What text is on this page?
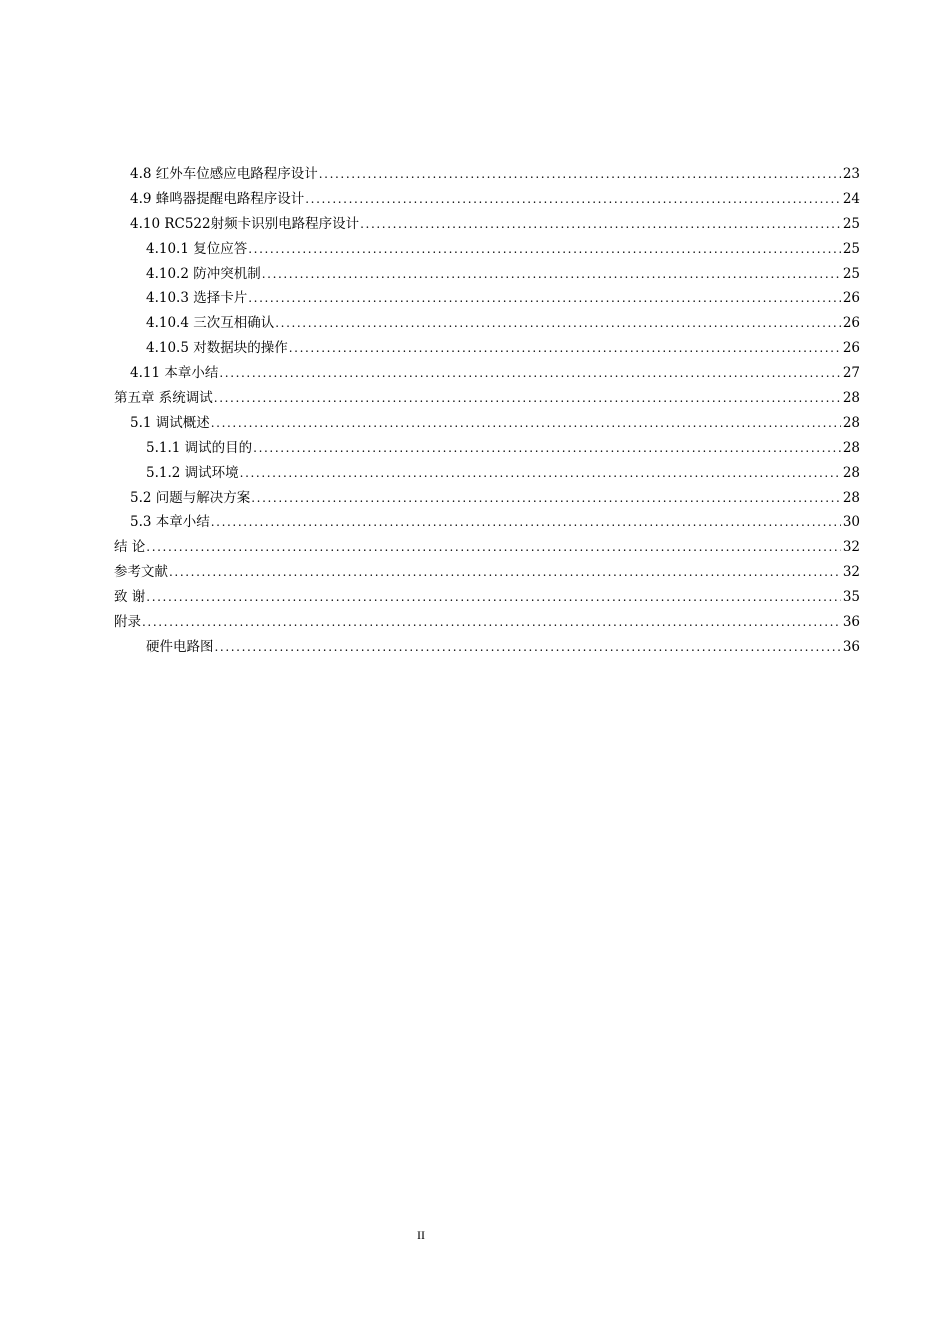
4.8 红外车位感应电路程序设计 .....	23
4.9 蜂鸣器提醒电路程序设计 .....	24
4.10 RC522射频卡识别电路程序设计 .....	25
4.10.1 复位应答 .....	25
4.10.2 防冲突机制 .....	25
4.10.3 选择卡片 .....	26
4.10.4 三次互相确认 .....	26
4.10.5 对数据块的操作 .....	26
4.11 本章小结 .....	27
第五章 系统调试 .....	28
5.1 调试概述 .....	28
5.1.1 调试的目的 .....	28
5.1.2 调试环境 .....	28
5.2 问题与解决方案 .....	28
5.3 本章小结 .....	30
结 论 .....	32
参考文献 .....	32
致 谢 .....	35
附录 .....	36
硬件电路图 .....	36
II
